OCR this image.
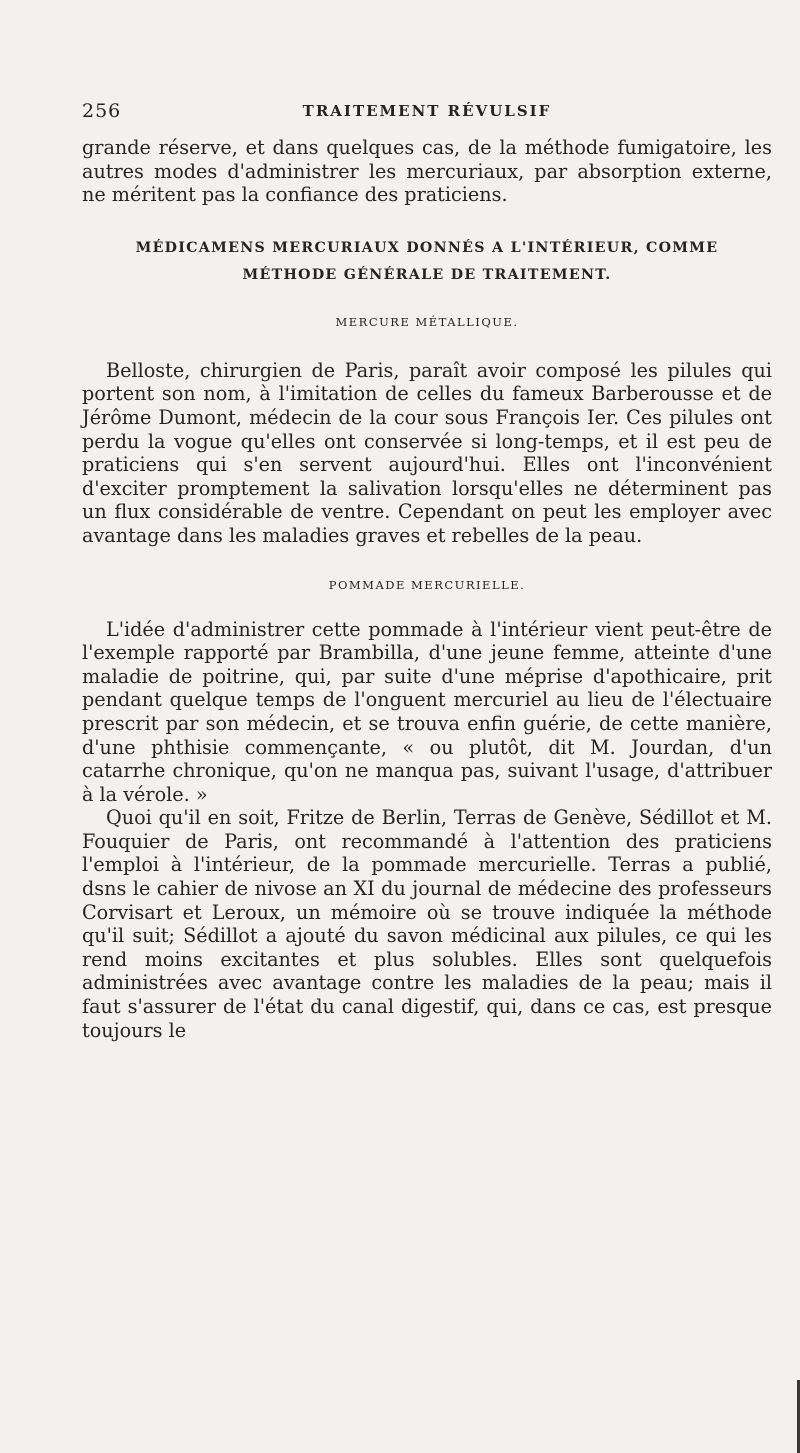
256	TRAITEMENT RÉVULSIF

grande réserve, et dans quelques cas, de la méthode fumigatoire, les autres modes d'administrer les mercuriaux, par absorption externe, ne méritent pas la confiance des praticiens.

MÉDICAMENS MERCURIAUX DONNÉS A L'INTÉRIEUR, COMME
MÉTHODE GÉNÉRALE DE TRAITEMENT.
MERCURE MÉTALLIQUE.

Belloste, chirurgien de Paris, paraît avoir composé les pilules qui portent son nom, à l'imitation de celles du fameux Barberousse et de Jérôme Dumont, médecin de la cour sous François Ier. Ces pilules ont perdu la vogue qu'elles ont conservée si long-temps, et il est peu de praticiens qui s'en servent aujourd'hui. Elles ont l'inconvénient d'exciter promptement la salivation lorsqu'elles ne déterminent pas un flux considérable de ventre. Cependant on peut les employer avec avantage dans les maladies graves et rebelles de la peau.

POMMADE MERCURIELLE.

L'idée d'administrer cette pommade à l'intérieur vient peut-être de l'exemple rapporté par Brambilla, d'une jeune femme, atteinte d'une maladie de poitrine, qui, par suite d'une méprise d'apothicaire, prit pendant quelque temps de l'onguent mercuriel au lieu de l'électuaire prescrit par son médecin, et se trouva enfin guérie, de cette manière, d'une phthisie commençante, « ou plutôt, dit M. Jourdan, d'un catarrhe chronique, qu'on ne manqua pas, suivant l'usage, d'attribuer à la vérole. »

Quoi qu'il en soit, Fritze de Berlin, Terras de Genève, Sédillot et M. Fouquier de Paris, ont recommandé à l'attention des praticiens l'emploi à l'intérieur, de la pommade mercurielle. Terras a publié, dsns le cahier de nivose an XI du journal de médecine des professeurs Corvisart et Leroux, un mémoire où se trouve indiquée la méthode qu'il suit; Sédillot a ajouté du savon médicinal aux pilules, ce qui les rend moins excitantes et plus solubles. Elles sont quelquefois administrées avec avantage contre les maladies de la peau; mais il faut s'assurer de l'état du canal digestif, qui, dans ce cas, est presque toujours le
